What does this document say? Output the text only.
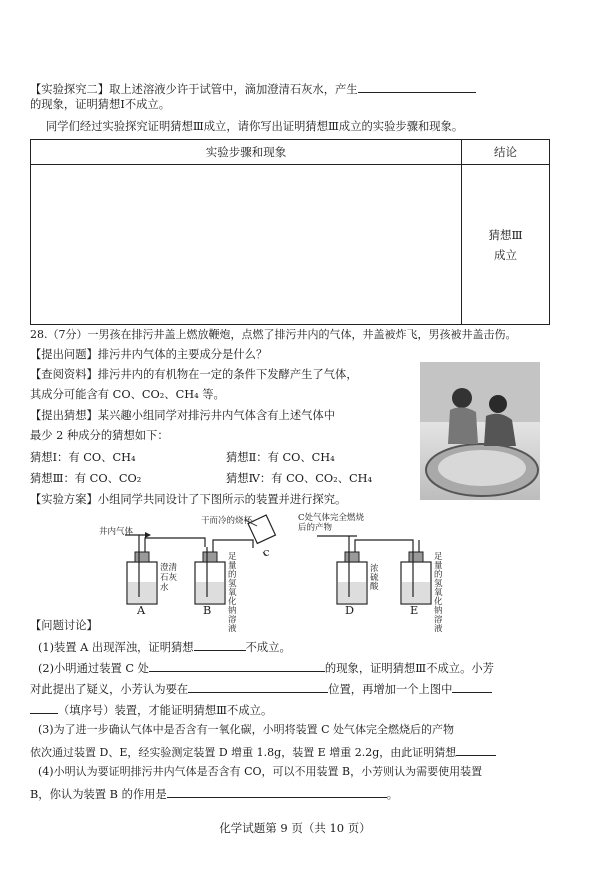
【实验探究二】取上述溶液少许于试管中，滴加澄清石灰水，产生
的现象，证明猜想Ⅰ不成立。
同学们经过实验探究证明猜想Ⅲ成立，请你写出证明猜想Ⅲ成立的实验步骤和现象。
实验步骤和现象	结论

	猜想Ⅲ
成立
28.（7分）一男孩在排污井盖上燃放鞭炮，点燃了排污井内的气体，井盖被炸飞，男孩被井盖击伤。
【提出问题】排污井内气体的主要成分是什么？
【查阅资料】排污井内的有机物在一定的条件下发酵产生了气体，
其成分可能含有 CO、CO₂、CH₄ 等。
【提出猜想】某兴趣小组同学对排污井内气体含有上述气体中
最少 2 种成分的猜想如下：
猜想Ⅰ：有 CO、CH₄	猜想Ⅱ：有 CO、CH₄
猜想Ⅲ：有 CO、CO₂	猜想Ⅳ：有 CO、CO₂、CH₄
【实验方案】小组同学共同设计了下图所示的装置并进行探究。
井内气体
干而冷的烧杯
C
C处气体完全燃烧后的产物
澄清石灰水
足量的氢氧化钠溶液
浓硫酸
足量的氢氧化钠溶液
A	B	D	E
【问题讨论】
(1)装置 A 出现浑浊，证明猜想	不成立。
(2)小明通过装置 C 处	的现象，证明猜想Ⅲ不成立。小芳
对此提出了疑义，小芳认为要在	位置，再增加一个上图中
（填序号）装置，才能证明猜想Ⅲ不成立。
(3)为了进一步确认气体中是否含有一氧化碳，小明将装置 C 处气体完全燃烧后的产物
依次通过装置 D、E，经实验测定装置 D 增重 1.8g，装置 E 增重 2.2g，由此证明猜想
(4)小明认为要证明排污井内气体是否含有 CO，可以不用装置 B，小芳则认为需要使用装置
B，你认为装置 B 的作用是	。
化学试题第 9 页（共 10 页）
